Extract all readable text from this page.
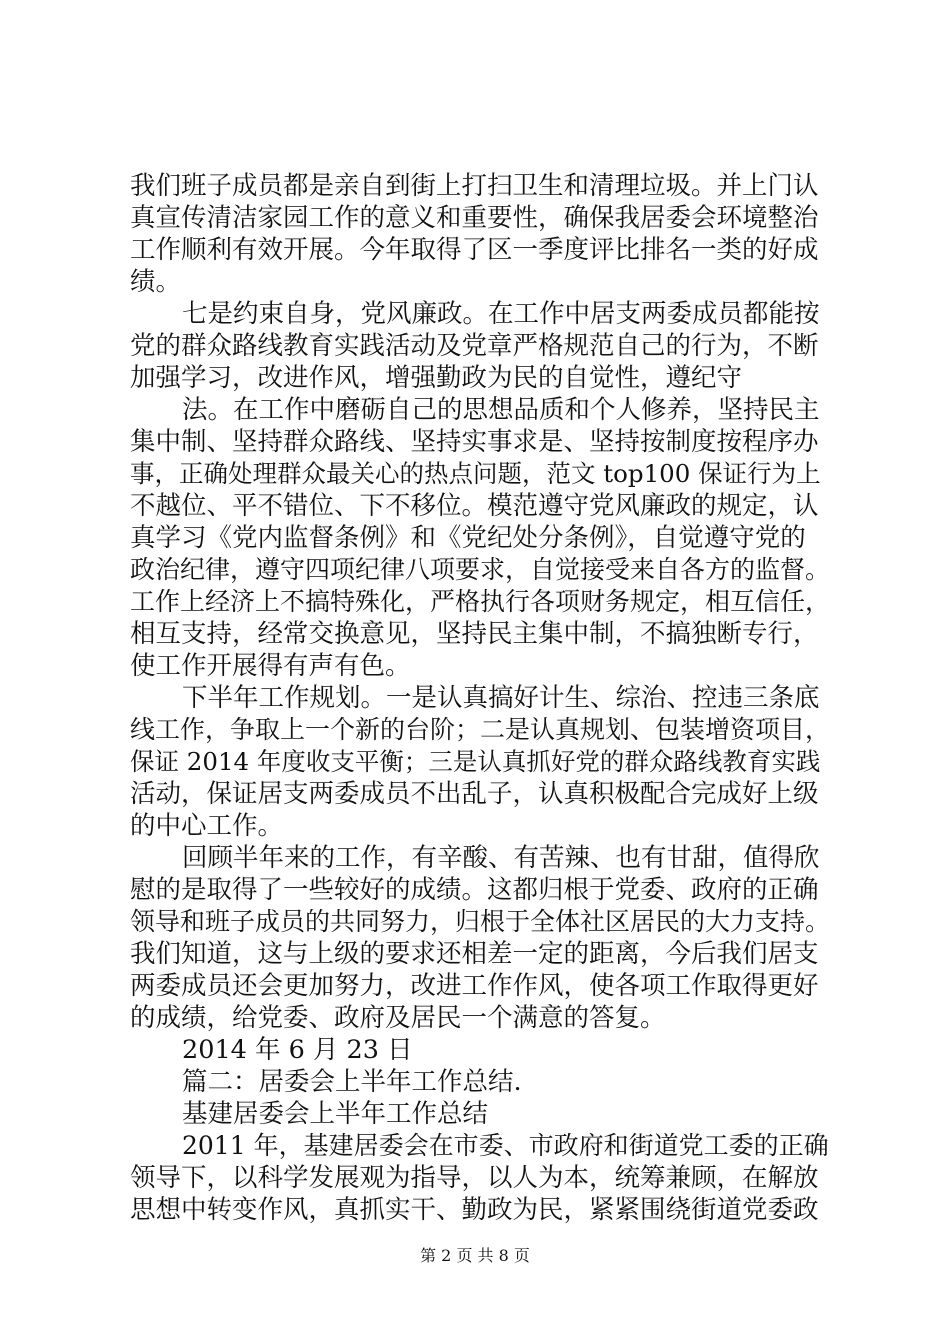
我们班子成员都是亲自到街上打扫卫生和清理垃圾。并上门认
真宣传清洁家园工作的意义和重要性，确保我居委会环境整治
工作顺利有效开展。今年取得了区一季度评比排名一类的好成
绩。
七是约束自身，党风廉政。在工作中居支两委成员都能按
党的群众路线教育实践活动及党章严格规范自己的行为，不断
加强学习，改进作风，增强勤政为民的自觉性，遵纪守
法。在工作中磨砺自己的思想品质和个人修养，坚持民主
集中制、坚持群众路线、坚持实事求是、坚持按制度按程序办
事，正确处理群众最关心的热点问题，范文 top100 保证行为上
不越位、平不错位、下不移位。模范遵守党风廉政的规定，认
真学习《党内监督条例》和《党纪处分条例》，自觉遵守党的
政治纪律，遵守四项纪律八项要求，自觉接受来自各方的监督。
工作上经济上不搞特殊化，严格执行各项财务规定，相互信任，
相互支持，经常交换意见，坚持民主集中制，不搞独断专行，
使工作开展得有声有色。
下半年工作规划。一是认真搞好计生、综治、控违三条底
线工作，争取上一个新的台阶；二是认真规划、包装增资项目，
保证 2014 年度收支平衡；三是认真抓好党的群众路线教育实践
活动，保证居支两委成员不出乱子，认真积极配合完成好上级
的中心工作。
回顾半年来的工作，有辛酸、有苦辣、也有甘甜，值得欣
慰的是取得了一些较好的成绩。这都归根于党委、政府的正确
领导和班子成员的共同努力，归根于全体社区居民的大力支持。
我们知道，这与上级的要求还相差一定的距离，今后我们居支
两委成员还会更加努力，改进工作作风，使各项工作取得更好
的成绩，给党委、政府及居民一个满意的答复。
2014 年 6 月 23 日
篇二：居委会上半年工作总结.
基建居委会上半年工作总结
2011 年，基建居委会在市委、市政府和街道党工委的正确
领导下，以科学发展观为指导，以人为本，统筹兼顾，在解放
思想中转变作风，真抓实干、勤政为民，紧紧围绕街道党委政
第 2 页 共 8 页
